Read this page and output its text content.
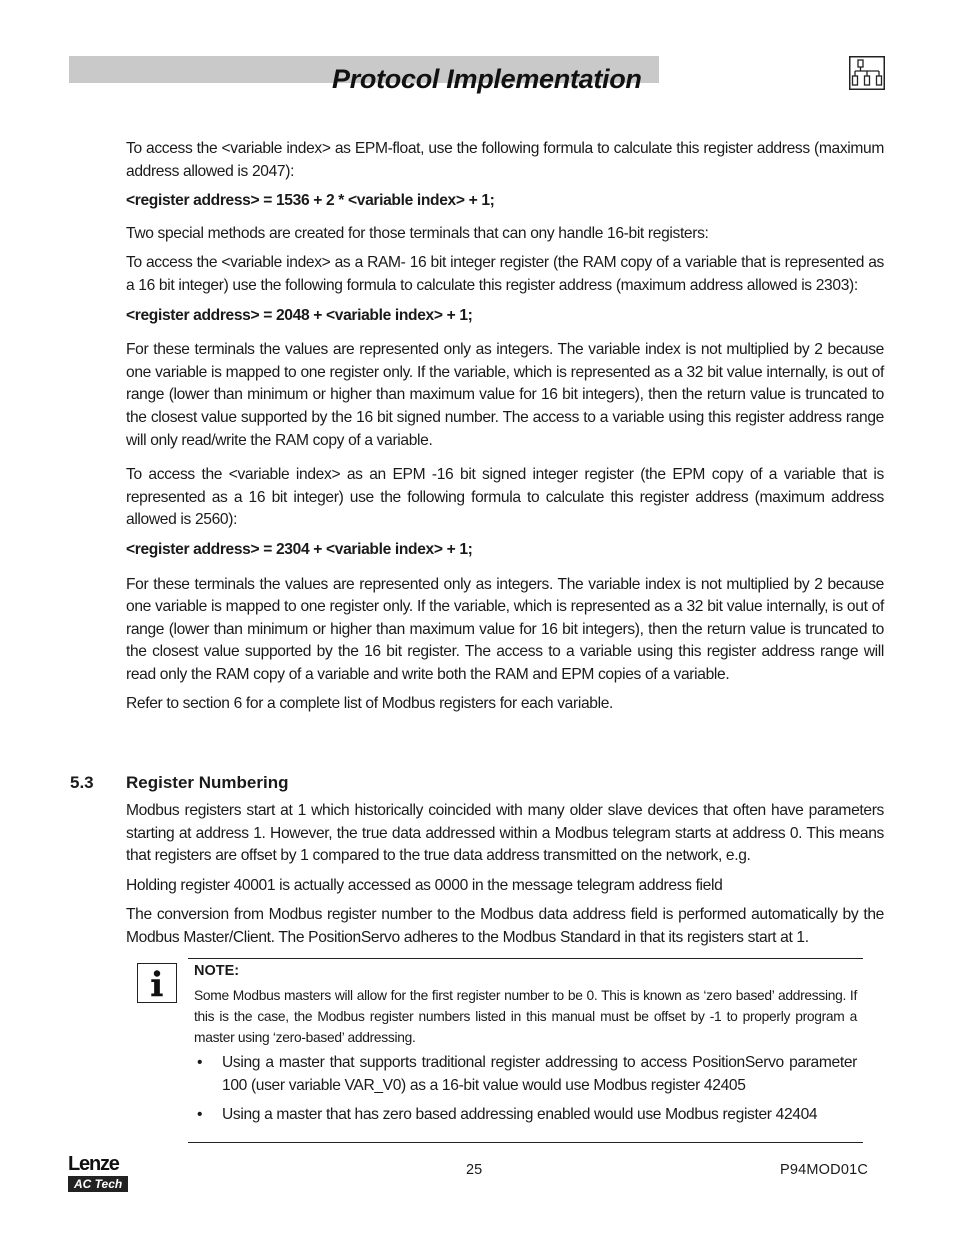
Protocol Implementation

To access the <variable index> as EPM-float, use the following formula to calculate this register address (maximum address allowed is 2047):

<register address> = 1536 + 2 * <variable index> + 1;

Two special methods are created for those terminals that can ony handle 16-bit registers:

To access the <variable index> as a RAM- 16 bit integer register (the RAM copy of a variable that is represented as a 16 bit integer) use the following formula to calculate this register address (maximum address allowed is 2303):

<register address> = 2048 + <variable index> + 1;

For these terminals the values are represented only as integers. The variable index is not multiplied by 2 because one variable is mapped to one register only. If the variable, which is represented as a 32 bit value internally, is out of range (lower than minimum or higher than maximum value for 16 bit integers), then the return value is truncated to the closest value supported by the 16 bit signed number. The access to a variable using this register address range will only read/write the RAM copy of a variable.

To access the <variable index> as an EPM -16 bit signed integer register (the EPM copy of a variable that is represented as a 16 bit integer) use the following formula to calculate this register address (maximum address allowed is 2560):

<register address> = 2304 + <variable index> + 1;

For these terminals the values are represented only as integers. The variable index is not multiplied by 2 because one variable is mapped to one register only. If the variable, which is represented as a 32 bit value internally, is out of range (lower than minimum or higher than maximum value for 16 bit integers), then the return value is truncated to the closest value supported by the 16 bit register. The access to a variable using this register address range will read only the RAM copy of a variable and write both the RAM and EPM copies of a variable.

Refer to section 6 for a complete list of Modbus registers for each variable.

5.3 Register Numbering

Modbus registers start at 1 which historically coincided with many older slave devices that often have parameters starting at address 1. However, the true data addressed within a Modbus telegram starts at address 0. This means that registers are offset by 1 compared to the true data address transmitted on the network, e.g.

Holding register 40001 is actually accessed as 0000 in the message telegram address field

The conversion from Modbus register number to the Modbus data address field is performed automatically by the Modbus Master/Client. The PositionServo adheres to the Modbus Standard in that its registers start at 1.

NOTE:

Some Modbus masters will allow for the first register number to be 0. This is known as ‘zero based’ addressing. If this is the case, the Modbus register numbers listed in this manual must be offset by -1 to properly program a master using ‘zero-based’ addressing.

• Using a master that supports traditional register addressing to access PositionServo parameter 100 (user variable VAR_V0) as a 16-bit value would use Modbus register 42405
• Using a master that has zero based addressing enabled would use Modbus register 42404
Lenze
AC Tech
25	P94MOD01C
